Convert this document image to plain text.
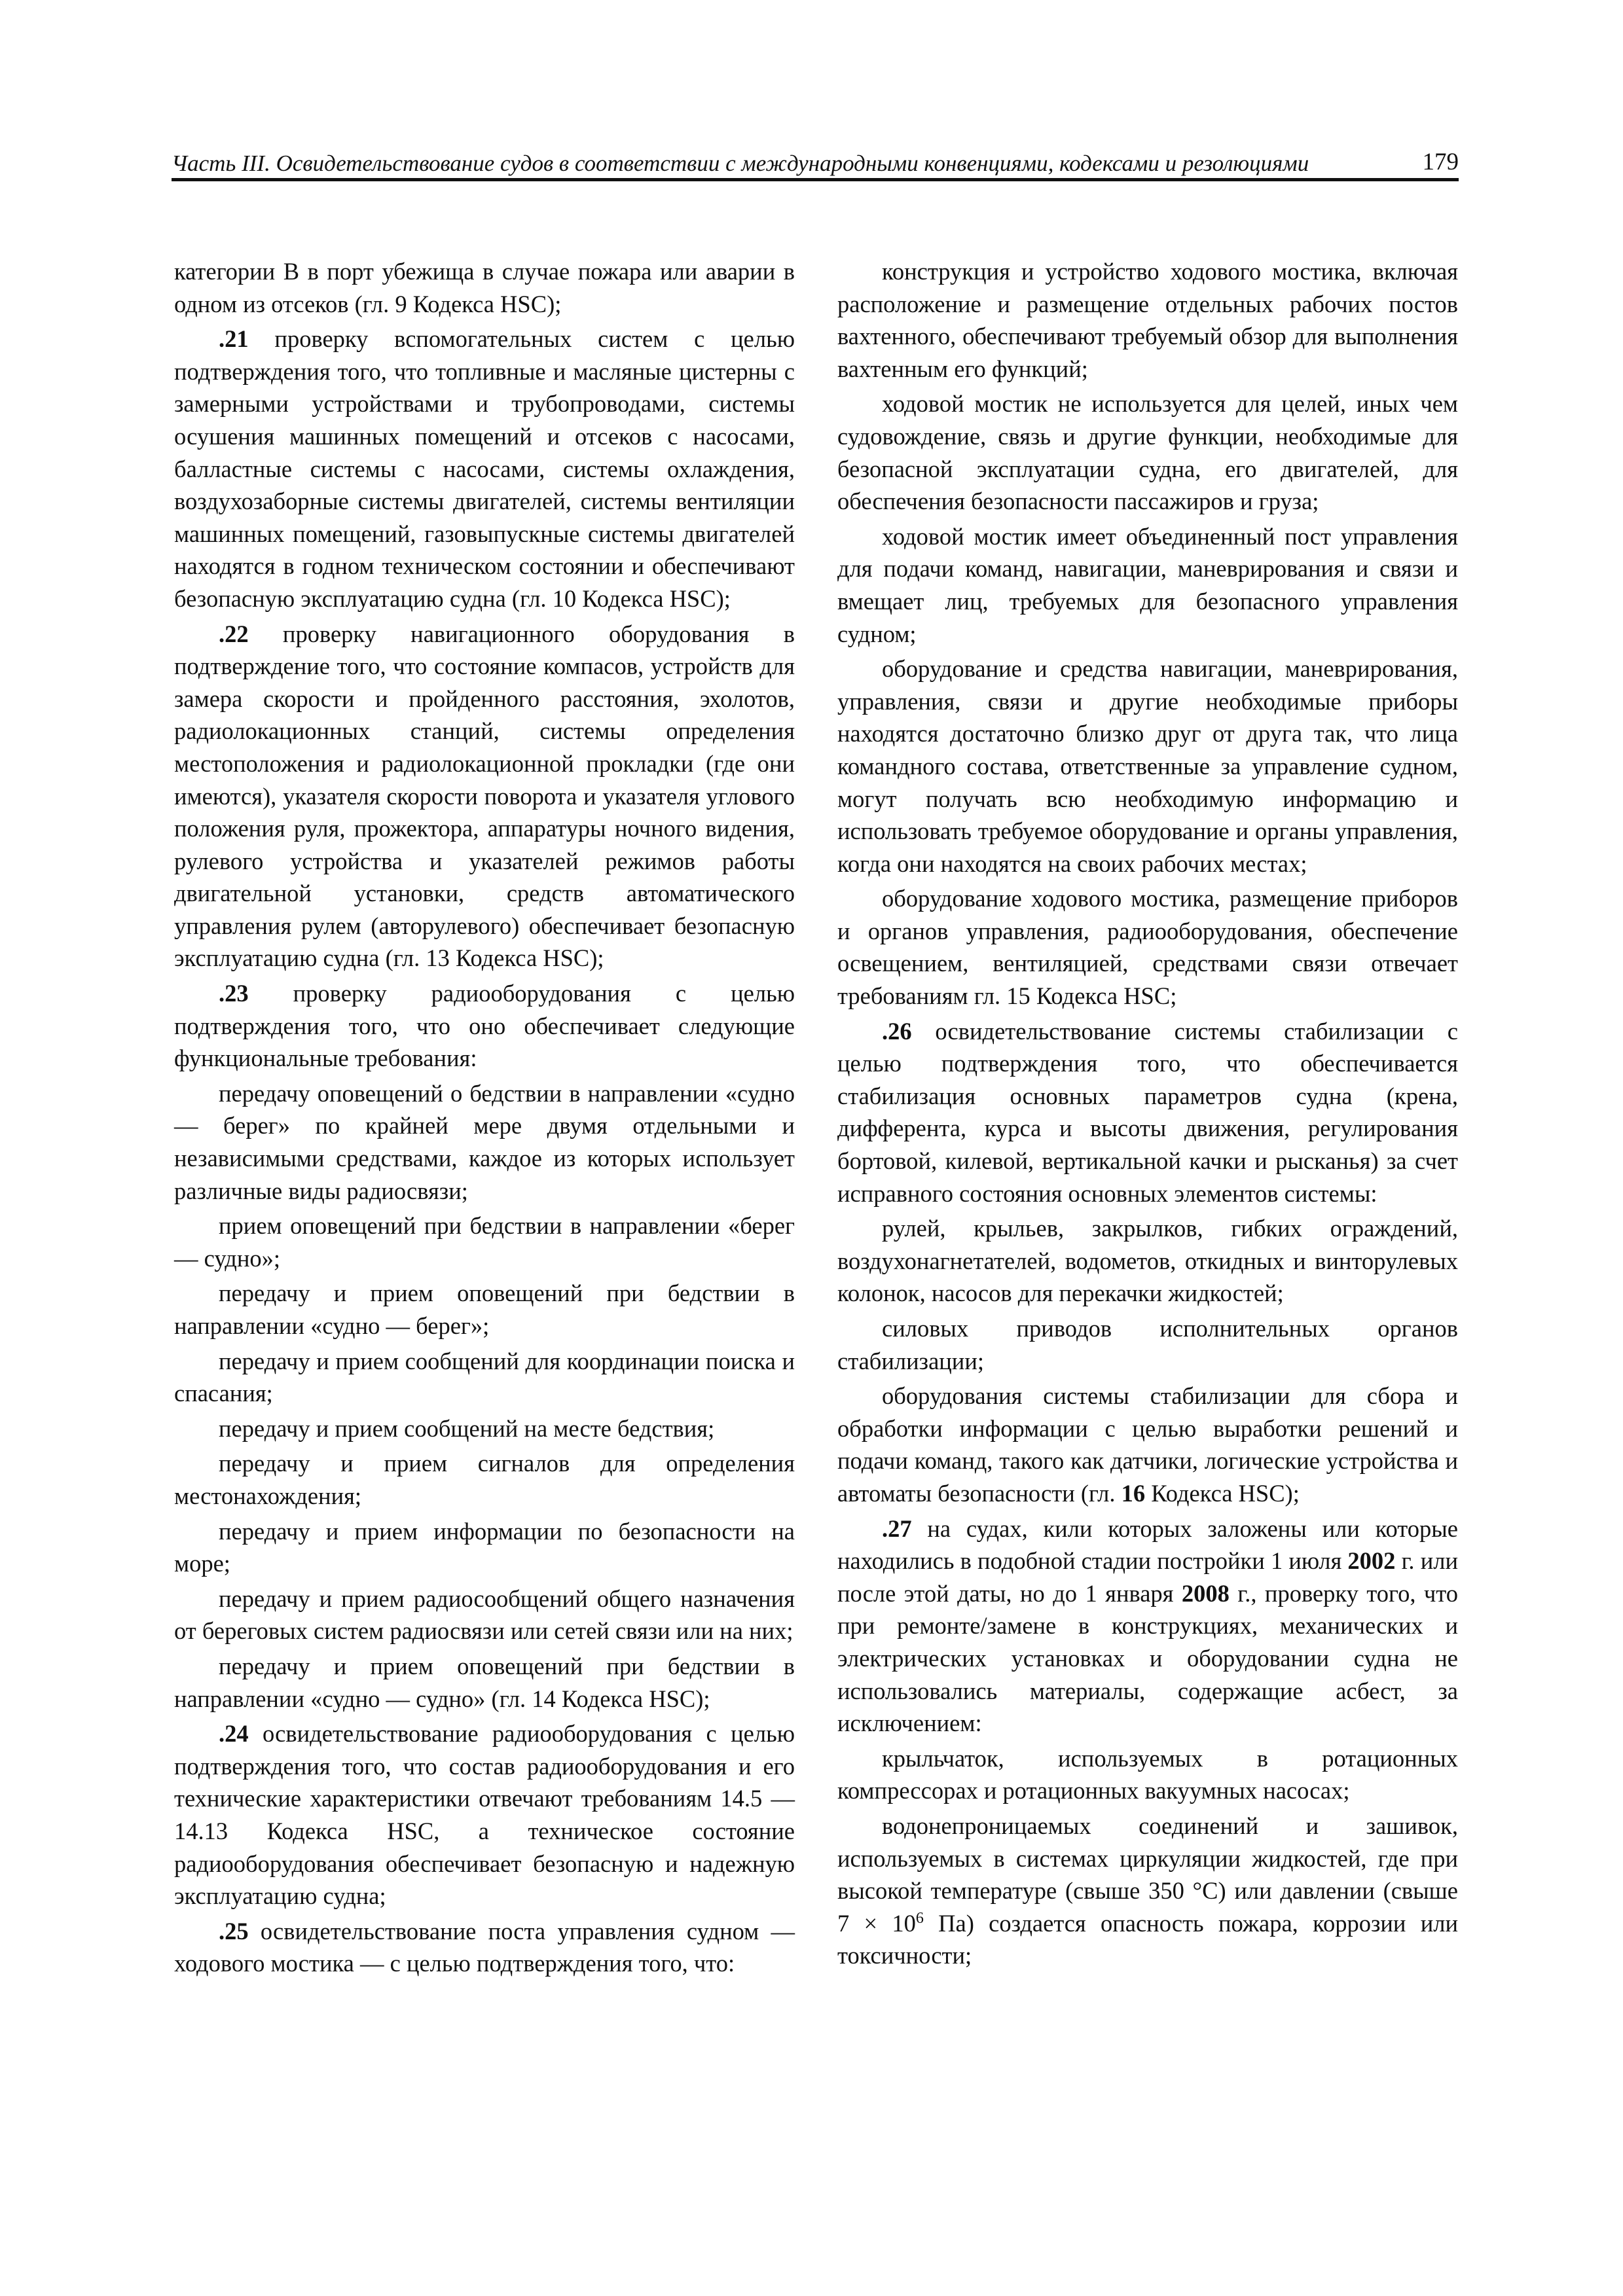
Часть III. Освидетельствование судов в соответствии с международными конвенциями, кодексами и резолюциями	179

категории В в порт убежища в случае пожара или аварии в одном из отсеков (гл. 9 Кодекса HSC);

.21 проверку вспомогательных систем с целью подтверждения того, что топливные и масляные цистерны с замерными устройствами и трубопроводами, системы осушения машинных помещений и отсеков с насосами, балластные системы с насосами, системы охлаждения, воздухозаборные системы двигателей, системы вентиляции машинных помещений, газовыпускные системы двигателей находятся в годном техническом состоянии и обеспечивают безопасную эксплуатацию судна (гл. 10 Кодекса HSC);

.22 проверку навигационного оборудования в подтверждение того, что состояние компасов, устройств для замера скорости и пройденного расстояния, эхолотов, радиолокационных станций, системы определения местоположения и радиолокационной прокладки (где они имеются), указателя скорости поворота и указателя углового положения руля, прожектора, аппаратуры ночного видения, рулевого устройства и указателей режимов работы двигательной установки, средств автоматического управления рулем (авторулевого) обеспечивает безопасную эксплуатацию судна (гл. 13 Кодекса HSC);

.23 проверку радиооборудования с целью подтверждения того, что оно обеспечивает следующие функциональные требования:

передачу оповещений о бедствии в направлении «судно — берег» по крайней мере двумя отдельными и независимыми средствами, каждое из которых использует различные виды радиосвязи;

прием оповещений при бедствии в направлении «берег — судно»;

передачу и прием оповещений при бедствии в направлении «судно — берег»;

передачу и прием сообщений для координации поиска и спасания;

передачу и прием сообщений на месте бедствия;

передачу и прием сигналов для определения местонахождения;

передачу и прием информации по безопасности на море;

передачу и прием радиосообщений общего назначения от береговых систем радиосвязи или сетей связи или на них;

передачу и прием оповещений при бедствии в направлении «судно — судно» (гл. 14 Кодекса HSC);

.24 освидетельствование радиооборудования с целью подтверждения того, что состав радиооборудования и его технические характеристики отвечают требованиям 14.5 — 14.13 Кодекса HSC, а техническое состояние радиооборудования обеспечивает безопасную и надежную эксплуатацию судна;

.25 освидетельствование поста управления судном — ходового мостика — с целью подтверждения того, что:

конструкция и устройство ходового мостика, включая расположение и размещение отдельных рабочих постов вахтенного, обеспечивают требуемый обзор для выполнения вахтенным его функций;

ходовой мостик не используется для целей, иных чем судовождение, связь и другие функции, необходимые для безопасной эксплуатации судна, его двигателей, для обеспечения безопасности пассажиров и груза;

ходовой мостик имеет объединенный пост управления для подачи команд, навигации, маневрирования и связи и вмещает лиц, требуемых для безопасного управления судном;

оборудование и средства навигации, маневрирования, управления, связи и другие необходимые приборы находятся достаточно близко друг от друга так, что лица командного состава, ответственные за управление судном, могут получать всю необходимую информацию и использовать требуемое оборудование и органы управления, когда они находятся на своих рабочих местах;

оборудование ходового мостика, размещение приборов и органов управления, радиооборудования, обеспечение освещением, вентиляцией, средствами связи отвечает требованиям гл. 15 Кодекса HSC;

.26 освидетельствование системы стабилизации с целью подтверждения того, что обеспечивается стабилизация основных параметров судна (крена, дифферента, курса и высоты движения, регулирования бортовой, килевой, вертикальной качки и рысканья) за счет исправного состояния основных элементов системы:

рулей, крыльев, закрылков, гибких ограждений, воздухонагнетателей, водометов, откидных и винторулевых колонок, насосов для перекачки жидкостей;

силовых приводов исполнительных органов стабилизации;

оборудования системы стабилизации для сбора и обработки информации с целью выработки решений и подачи команд, такого как датчики, логические устройства и автоматы безопасности (гл. 16 Кодекса HSC);

.27 на судах, кили которых заложены или которые находились в подобной стадии постройки 1 июля 2002 г. или после этой даты, но до 1 января 2008 г., проверку того, что при ремонте/замене в конструкциях, механических и электрических установках и оборудовании судна не использовались материалы, содержащие асбест, за исключением:

крыльчаток, используемых в ротационных компрессорах и ротационных вакуумных насосах;

водонепроницаемых соединений и зашивок, используемых в системах циркуляции жидкостей, где при высокой температуре (свыше 350 °C) или давлении (свыше $7 \times 10^6$ Па) создается опасность пожара, коррозии или токсичности;
